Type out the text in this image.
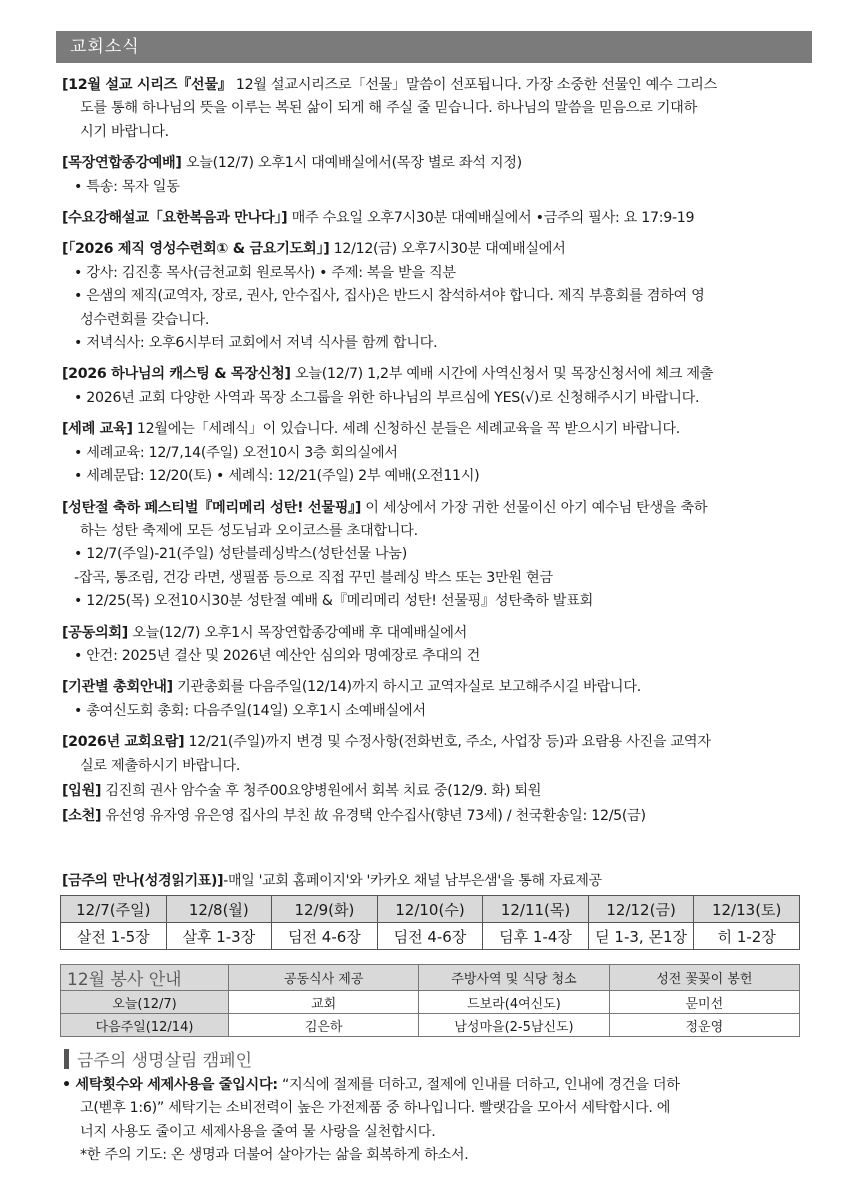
교회소식
[12월 설교 시리즈『선물』 12월 설교시리즈로「선물」말씀이 선포됩니다. 가장 소중한 선물인 예수 그리스
도를 통해 하나님의 뜻을 이루는 복된 삶이 되게 해 주실 줄 믿습니다. 하나님의 말씀을 믿음으로 기대하
시기 바랍니다.
[목장연합종강예배] 오늘(12/7) 오후1시 대예배실에서(목장 별로 좌석 지정)
• 특송: 목자 일동
[수요강해설교「요한복음과 만나다」] 매주 수요일 오후7시30분 대예배실에서 •금주의 필사: 요 17:9-19
[「2026 제직 영성수련회① & 금요기도회」] 12/12(금) 오후7시30분 대예배실에서
• 강사: 김진홍 목사(금천교회 원로목사) • 주제: 복을 받을 직분
• 은샘의 제직(교역자, 장로, 권사, 안수집사, 집사)은 반드시 참석하셔야 합니다. 제직 부흥회를 겸하여 영
성수련회를 갖습니다.
• 저녁식사: 오후6시부터 교회에서 저녁 식사를 함께 합니다.
[2026 하나님의 캐스팅 & 목장신청] 오늘(12/7) 1,2부 예배 시간에 사역신청서 및 목장신청서에 체크 제출
• 2026년 교회 다양한 사역과 목장 소그룹을 위한 하나님의 부르심에 YES(√)로 신청해주시기 바랍니다.
[세례 교육] 12월에는「세례식」이 있습니다. 세례 신청하신 분들은 세례교육을 꼭 받으시기 바랍니다.
• 세례교육: 12/7,14(주일) 오전10시 3층 회의실에서
• 세례문답: 12/20(토) • 세례식: 12/21(주일) 2부 예배(오전11시)
[성탄절 축하 페스티벌『메리메리 성탄! 선물핑』] 이 세상에서 가장 귀한 선물이신 아기 예수님 탄생을 축하
하는 성탄 축제에 모든 성도님과 오이코스를 초대합니다.
• 12/7(주일)-21(주일) 성탄블레싱박스(성탄선물 나눔)
-잡곡, 통조림, 건강 라면, 생필품 등으로 직접 꾸민 블레싱 박스 또는 3만원 현금
• 12/25(목) 오전10시30분 성탄절 예배 &『메리메리 성탄! 선물핑』성탄축하 발표회
[공동의회] 오늘(12/7) 오후1시 목장연합종강예배 후 대예배실에서
• 안건: 2025년 결산 및 2026년 예산안 심의와 명예장로 추대의 건
[기관별 총회안내] 기관총회를 다음주일(12/14)까지 하시고 교역자실로 보고해주시길 바랍니다.
• 총여신도회 총회: 다음주일(14일) 오후1시 소예배실에서
[2026년 교회요람] 12/21(주일)까지 변경 및 수정사항(전화번호, 주소, 사업장 등)과 요람용 사진을 교역자
실로 제출하시기 바랍니다.
[입원] 김진희 권사 암수술 후 청주00요양병원에서 회복 치료 중(12/9. 화) 퇴원
[소천] 유선영 유자영 유은영 집사의 부친 故 유경택 안수집사(향년 73세) / 천국환송일: 12/5(금)
[금주의 만나(성경읽기표)]-매일 '교회 홈페이지'와 '카카오 채널 남부은샘'을 통해 자료제공
12/7(주일)	12/8(월)	12/9(화)	12/10(수)	12/11(목)	12/12(금)	12/13(토)
살전 1-5장	살후 1-3장	딤전 4-6장	딤전 4-6장	딤후 1-4장	딛 1-3, 몬1장	히 1-2장
12월 봉사 안내	공동식사 제공	주방사역 및 식당 청소	성전 꽃꽂이 봉헌
오늘(12/7)	교회	드보라(4여신도)	문미선
다음주일(12/14)	김은하	남성마을(2-5남신도)	정운영
금주의 생명살림 캠페인
• 세탁횟수와 세제사용을 줄입시다: “지식에 절제를 더하고, 절제에 인내를 더하고, 인내에 경건을 더하
고(벧후 1:6)” 세탁기는 소비전력이 높은 가전제품 중 하나입니다. 빨랫감을 모아서 세탁합시다. 에
너지 사용도 줄이고 세제사용을 줄여 물 사랑을 실천합시다.
*한 주의 기도: 온 생명과 더불어 살아가는 삶을 회복하게 하소서.
